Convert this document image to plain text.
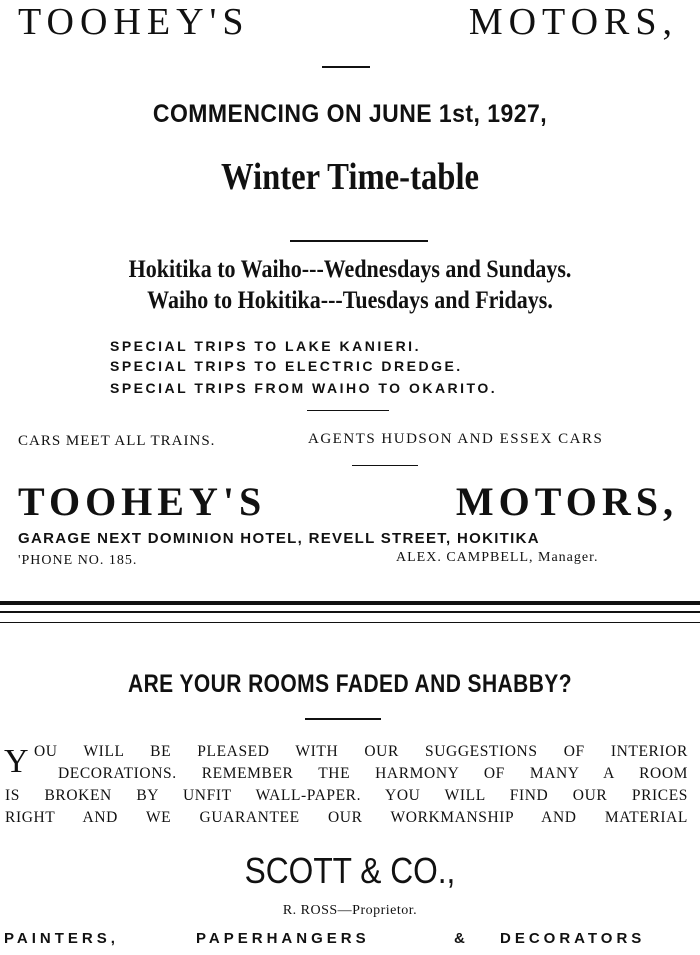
TOOHEY'S MOTORS,
COMMENCING ON JUNE 1st, 1927,
Winter Time-table
Hokitika to Waiho---Wednesdays and Sundays.
Waiho to Hokitika---Tuesdays and Fridays.
SPECIAL TRIPS TO LAKE KANIERI.
SPECIAL TRIPS TO ELECTRIC DREDGE.
SPECIAL TRIPS FROM WAIHO TO OKARITO.
CARS MEET ALL TRAINS.	AGENTS HUDSON AND ESSEX CARS
TOOHEY'S MOTORS,
GARAGE NEXT DOMINION HOTEL, REVELL STREET, HOKITIKA
'PHONE NO. 185.	ALEX. CAMPBELL, Manager.
ARE YOUR ROOMS FADED AND SHABBY?
Y OU WILL BE PLEASED WITH OUR SUGGESTIONS OF INTERIOR
DECORATIONS. REMEMBER THE HARMONY OF MANY A ROOM
IS BROKEN BY UNFIT WALL-PAPER. YOU WILL FIND OUR PRICES
RIGHT AND WE GUARANTEE OUR WORKMANSHIP AND MATERIAL
SCOTT & CO.,
R. ROSS—Proprietor.
PAINTERS,	PAPERHANGERS	& DECORATORS
